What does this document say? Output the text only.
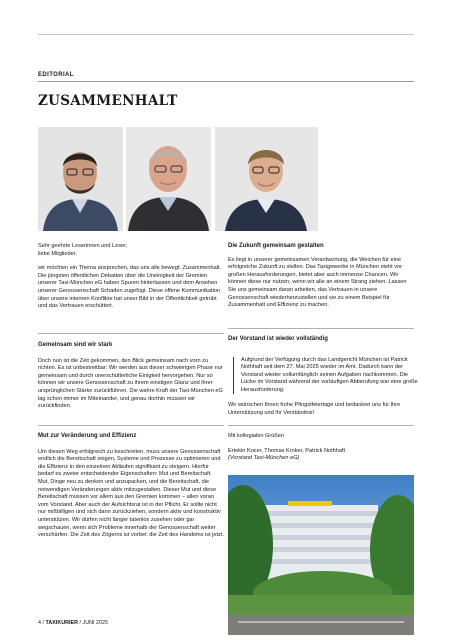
EDITORIAL
ZUSAMMENHALT

Sehr geehrte Leserinnen und Leser,

liebe Mitglieder,

wir möchten ein Thema ansprechen, das uns alle bewegt: Zusammenhalt. Die jüngsten öffentlichen Debatten über die Uneinigkeit der Gremien unserer Taxi-München eG haben Spuren hinterlassen und dem Ansehen unserer Genossenschaft Schaden zugefügt. Diese offene Kommunikation über unsere internen Konflikte hat unser Bild in der Öffentlichkeit getrübt und das Vertrauen erschüttert.

Gemeinsam sind wir stark

Doch nun ist die Zeit gekommen, den Blick gemeinsam nach vorn zu richten. Es ist unbestreitbar: Wir werden aus dieser schwierigen Phase nur gemeinsam und durch unerschütterliche Einigkeit hervorgehen. Nur so können wir unsere Genossenschaft zu ihrem einstigen Glanz und ihrer ursprünglichen Stärke zurückführen. Die wahre Kraft der Taxi-München eG lag schon immer im Miteinander, und genau dorthin müssen wir zurückfinden.

Mut zur Veränderung und Effizienz

Um diesen Weg erfolgreich zu beschreiten, muss unsere Genossenschaft endlich die Bereitschaft zeigen, Systeme und Prozesse zu optimieren und die Effizienz in den einzelnen Abläufen signifikant zu steigern. Hierfür bedarf es zweier entscheidender Eigenschaften: Mut und Bereitschaft. Mut, Dinge neu zu denken und anzupacken, und die Bereitschaft, die notwendigen Veränderungen aktiv mitzugestalten. Dieser Mut und diese Bereitschaft müssen vor allem aus den Gremien kommen – allen voran vom Vorstand. Aber auch der Aufsichtsrat ist in der Pflicht. Er sollte nicht nur mißbilligen und sich dann zurückziehen, sondern aktiv und konstruktiv unterstützen. Wir dürfen nicht länger tatenlos zusehen oder gar wegschauen, wenn sich Probleme innerhalb der Genossenschaft weiter verschärfen. Die Zeit des Zögerns ist vorbei: die Zeit des Handelns ist jetzt.

Die Zukunft gemeinsam gestalten

Es liegt in unserer gemeinsamen Verantwortung, die Weichen für eine erfolgreiche Zukunft zu stellen. Das Taxigewerbe in München steht vor großen Herausforderungen, bietet aber auch immense Chancen. Wir können diese nur nutzen, wenn wir alle an einem Strang ziehen. Lassen Sie uns gemeinsam daran arbeiten, das Vertrauen in unsere Genossenschaft wiederherzustellen und sie zu einem Beispiel für Zusammenhalt und Effizienz zu machen.

Der Vorstand ist wieder vollständig
Aufgrund der Verfügung durch das Landgericht München ist Patrick Nothhaft seit dem 27. Mai 2025 wieder im Amt. Dadurch kann der Vorstand wieder vollumfänglich seinen Aufgaben nachkommen. Die Lücke im Vorstand während der vorläufigen Abberufung war eine große Herausforderung.

Wir wünschen Ihnen frohe Pfingstfeiertage und bedanken uns für Ihre Unterstützung und Ihr Verständnis!

Mit kollegialen Grüßen

Ertekin Kocer, Thomas Kroker, Patrick Nothhaft

(Vorstand Taxi-München eG)

4 / TAXIKURIER / JUNI 2025
